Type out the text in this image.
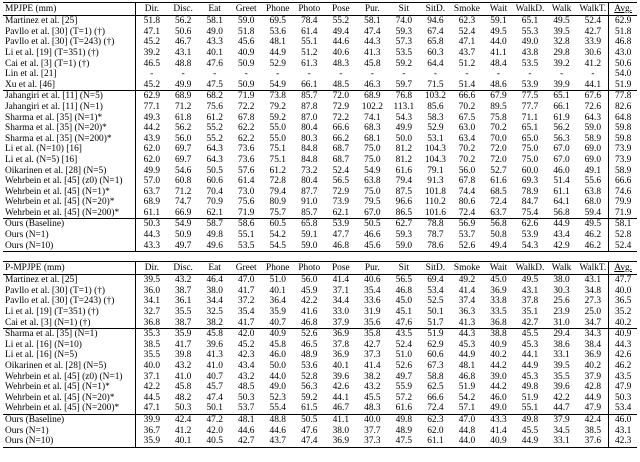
MPJPE (mm)	Dir.	Disc.	Eat	Greet	Phone	Photo	Pose	Pur.	Sit	SitD.	Smoke	Wait	WalkD.	Walk	WalkT.	Avg.
Martinez et al. [25]	51.8	56.2	58.1	59.0	69.5	78.4	55.2	58.1	74.0	94.6	62.3	59.1	65.1	49.5	52.4	62.9
Pavllo et al. [30] (T=1) (†)	47.1	50.6	49.0	51.8	53.6	61.4	49.4	47.4	59.3	67.4	52.4	49.5	55.3	39.5	42.7	51.8
Pavllo et al. [30] (T=243) (†)	45.2	46.7	43.3	45.6	48.1	55.1	44.6	44.3	57.3	65.8	47.1	44.0	49.0	32.8	33.9	46.8
Li et al. [19] (T=351) (†)	39.2	43.1	40.1	40.9	44.9	51.2	40.6	41.3	53.5	60.3	43.7	41.1	43.8	29.8	30.6	43.0
Cai et al. [3] (T=1) (†)	46.5	48.8	47.6	50.9	52.9	61.3	48.3	45.8	59.2	64.4	51.2	48.4	53.5	39.2	41.2	50.6
Lin et al. [21]	-	-	-	-	-	-	-	-	-	-	-	-	-	-	-	54.0
Xu et al. [46]	45.2	49.9	47.5	50.9	54.9	66.1	48.5	46.3	59.7	71.5	51.4	48.6	53.9	39.9	44.1	51.9
Jahangiri et al. [11] (N=5)	62.9	68.9	68.2	71.9	73.8	85.7	72.0	68.9	76.8	103.2	66.6	67.9	77.5	65.1	67.6	77.8
Jahangiri et al. [11] (N=1)	77.1	71.2	75.6	72.2	79.2	87.8	72.9	102.2	113.1	85.6	70.2	89.5	77.7	66.1	72.6	82.6
Sharma et al. [35] (N=1)*	49.3	61.8	61.2	67.8	59.2	87.0	72.2	74.1	54.3	58.3	67.5	75.8	71.1	61.9	64.3	64.8
Sharma et al. [35] (N=20)*	44.2	56.2	55.2	62.2	55.0	80.4	66.6	68.3	49.9	52.9	63.0	70.2	65.1	56.2	59.0	59.8
Sharma et al. [35] (N=200)*	43.9	56.0	55.2	62.2	55.0	80.3	66.2	68.1	50.0	53.1	63.4	70.0	65.0	56.3	58.9	59.8
Li et al. (N=10) [16]	62.0	69.7	64.3	73.6	75.1	84.8	68.7	75.0	81.2	104.3	70.2	72.0	75.0	67.0	69.0	73.9
Li et al. (N=5) [16]	62.0	69.7	64.3	73.6	75.1	84.8	68.7	75.0	81.2	104.3	70.2	72.0	75.0	67.0	69.0	73.9
Oikarinen et al. [28] (N=5)	49.9	54.6	50.5	57.6	61.2	73.2	52.4	54.9	61.6	79.1	56.0	52.7	60.0	46.0	49.1	58.9
Wehrbein et al. [45] (z0) (N=1)	57.0	60.8	60.6	61.4	72.8	80.4	56.5	63.8	79.4	91.3	67.8	61.6	69.3	51.4	55.6	66.6
Wehrbein et al. [45] (N=1)*	63.7	71.2	70.4	73.0	79.4	87.7	72.9	75.0	87.5	101.8	74.4	68.5	78.9	61.1	63.8	74.6
Wehrbein et al. [45] (N=20)*	68.9	74.7	70.9	75.6	80.9	91.0	73.9	79.5	96.6	110.2	80.6	72.4	84.7	64.1	68.0	79.9
Wehrbein et al. [45] (N=200)*	61.1	66.9	62.1	71.9	75.7	85.7	62.1	67.0	86.5	101.6	72.4	63.7	75.4	56.8	59.4	71.9
Ours (Baseline)	50.3	54.9	58.7	58.6	60.5	65.8	53.9	50.5	62.7	78.8	56.9	56.8	62.6	44.9	49.5	58.1
Ours (N=1)	44.3	50.9	49.8	55.1	54.2	59.1	47.7	46.6	59.3	78.7	53.7	50.8	53.9	43.4	46.2	52.8
Ours (N=10)	43.3	49.7	49.6	53.5	54.5	59.0	46.8	45.6	59.0	78.6	52.6	49.4	54.3	42.9	46.2	52.4

P-MPJPE (mm)	Dir.	Disc.	Eat	Greet	Phone	Photo	Pose	Pur.	Sit	SitD.	Smoke	Wait	WalkD.	Walk	WalkT.	Avg.
Martinez et al. [25]	39.5	43.2	46.4	47.0	51.0	56.0	41.4	40.6	56.5	69.4	49.2	45.0	49.5	38.0	43.1	47.7
Pavllo et al. [30] (T=1) (†)	36.0	38.7	38.0	41.7	40.1	45.9	37.1	35.4	46.8	53.4	41.4	36.9	43.1	30.3	34.8	40.0
Pavllo et al. [30] (T=243) (†)	34.1	36.1	34.4	37.2	36.4	42.2	34.4	33.6	45.0	52.5	37.4	33.8	37.8	25.6	27.3	36.5
Li et al. [19] (T=351) (†)	32.7	35.5	32.5	35.4	35.9	41.6	33.0	31.9	45.1	50.1	36.3	33.5	35.1	23.9	25.0	35.2
Cai et al. [3] (N=1) (†)	36.8	38.7	38.2	41.7	40.7	46.8	37.9	35.6	47.6	51.7	41.3	36.8	42.7	31.0	34.7	40.2
Sharma et al. [35] (N=1)	35.3	35.9	45.8	42.0	40.9	52.6	36.9	35.8	43.5	51.9	44.3	38.8	45.5	29.4	34.3	40.9
Li et al. [16] (N=10)	38.5	41.7	39.6	45.2	45.8	46.5	37.8	42.7	52.4	62.9	45.3	40.9	45.3	38.6	38.4	44.3
Li et al. [16] (N=5)	35.5	39.8	41.3	42.3	46.0	48.9	36.9	37.3	51.0	60.6	44.9	40.2	44.1	33.1	36.9	42.6
Oikarinen et al. [28] (N=5)	40.0	43.2	41.0	43.4	50.0	53.6	40.1	41.4	52.6	67.3	48.1	44.2	44.9	39.5	40.2	46.2
Wehrbein et al. [45] (z0) (N=1)	37.1	41.0	40.7	43.2	44.0	52.8	39.6	38.2	49.7	58.8	46.8	39.0	45.3	35.5	37.9	43.5
Wehrbein et al. [45] (N=1)*	42.2	45.8	45.7	48.5	49.0	56.3	42.6	43.2	55.9	62.5	51.9	44.2	49.8	39.6	42.8	47.9
Wehrbein et al. [45] (N=20)*	44.5	48.2	47.4	50.3	52.3	59.2	44.1	45.5	57.2	66.6	54.2	46.0	51.9	42.2	44.9	50.3
Wehrbein et al. [45] (N=200)*	47.1	50.3	50.1	53.7	55.4	61.5	46.7	48.3	61.6	72.4	57.1	49.0	55.1	44.7	47.9	53.4
Ours (Baseline)	39.9	42.4	47.2	48.1	48.8	50.5	41.1	40.0	49.8	62.3	47.0	43.3	49.8	37.9	42.4	46.0
Ours (N=1)	36.7	41.2	42.0	44.6	44.6	47.6	38.0	37.7	48.9	62.0	44.8	41.4	45.5	34.5	38.5	43.1
Ours (N=10)	35.9	40.1	40.5	42.7	43.7	47.4	36.9	37.3	47.5	61.1	44.0	40.9	44.9	33.1	37.6	42.3
